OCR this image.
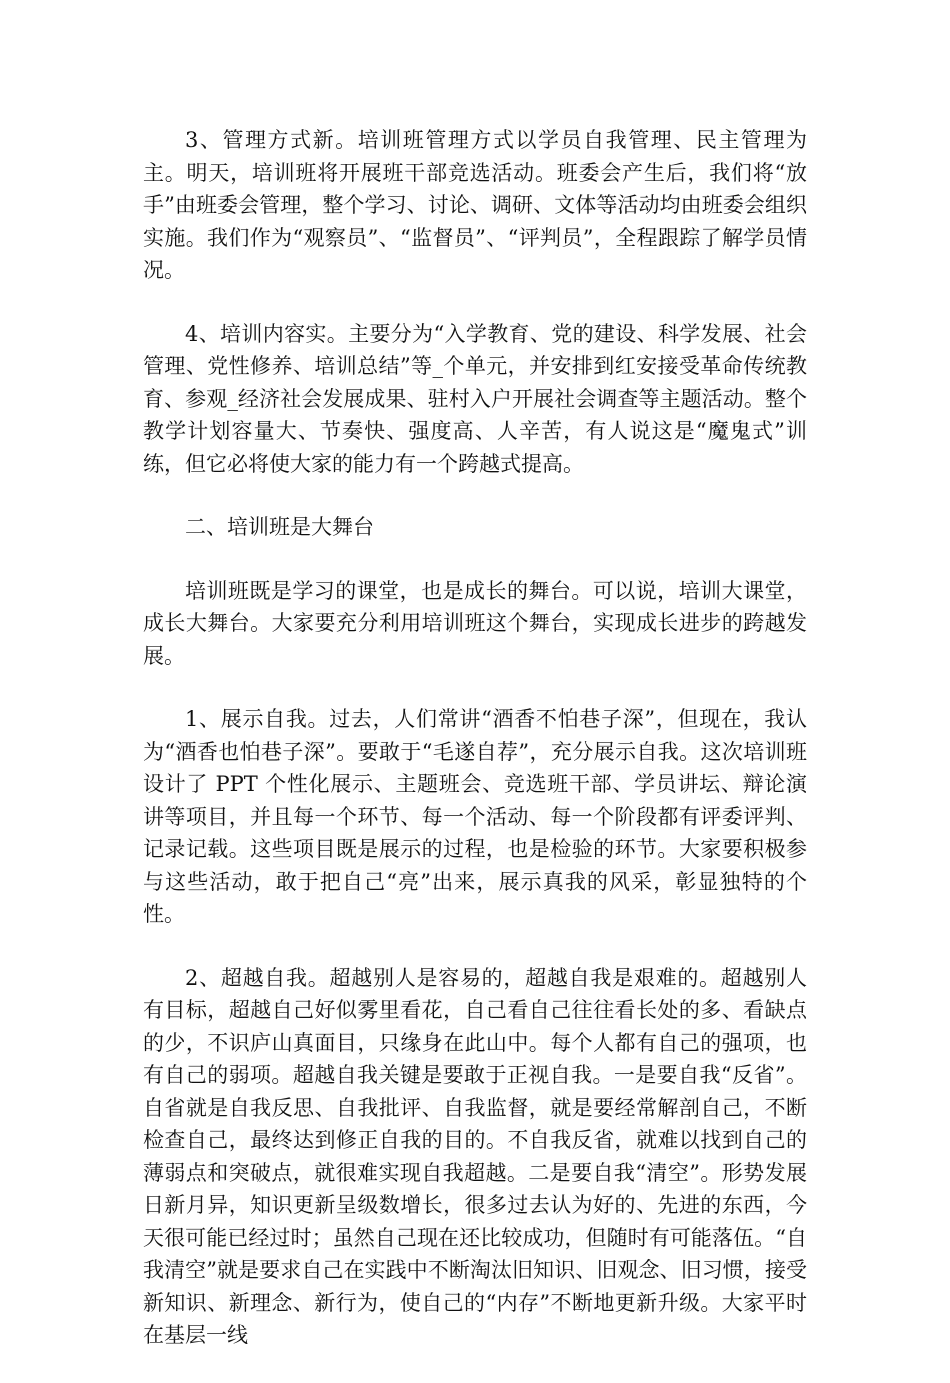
3、管理方式新。培训班管理方式以学员自我管理、民主管理为主。明天，培训班将开展班干部竞选活动。班委会产生后，我们将“放手”由班委会管理，整个学习、讨论、调研、文体等活动均由班委会组织实施。我们作为“观察员”、“监督员”、“评判员”，全程跟踪了解学员情况。

4、培训内容实。主要分为“入学教育、党的建设、科学发展、社会管理、党性修养、培训总结”等_个单元，并安排到红安接受革命传统教育、参观_经济社会发展成果、驻村入户开展社会调查等主题活动。整个教学计划容量大、节奏快、强度高、人辛苦，有人说这是“魔鬼式”训练，但它必将使大家的能力有一个跨越式提高。

二、培训班是大舞台

培训班既是学习的课堂，也是成长的舞台。可以说，培训大课堂，成长大舞台。大家要充分利用培训班这个舞台，实现成长进步的跨越发展。

1、展示自我。过去，人们常讲“酒香不怕巷子深”，但现在，我认为“酒香也怕巷子深”。要敢于“毛遂自荐”，充分展示自我。这次培训班设计了 PPT 个性化展示、主题班会、竞选班干部、学员讲坛、辩论演讲等项目，并且每一个环节、每一个活动、每一个阶段都有评委评判、记录记载。这些项目既是展示的过程，也是检验的环节。大家要积极参与这些活动，敢于把自己“亮”出来，展示真我的风采，彰显独特的个性。

2、超越自我。超越别人是容易的，超越自我是艰难的。超越别人有目标，超越自己好似雾里看花，自己看自己往往看长处的多、看缺点的少，不识庐山真面目，只缘身在此山中。每个人都有自己的强项，也有自己的弱项。超越自我关键是要敢于正视自我。一是要自我“反省”。自省就是自我反思、自我批评、自我监督，就是要经常解剖自己，不断检查自己，最终达到修正自我的目的。不自我反省，就难以找到自己的薄弱点和突破点，就很难实现自我超越。二是要自我“清空”。形势发展日新月异，知识更新呈级数增长，很多过去认为好的、先进的东西，今天很可能已经过时；虽然自己现在还比较成功，但随时有可能落伍。“自我清空”就是要求自己在实践中不断淘汰旧知识、旧观念、旧习惯，接受新知识、新理念、新行为，使自己的“内存”不断地更新升级。大家平时在基层一线
